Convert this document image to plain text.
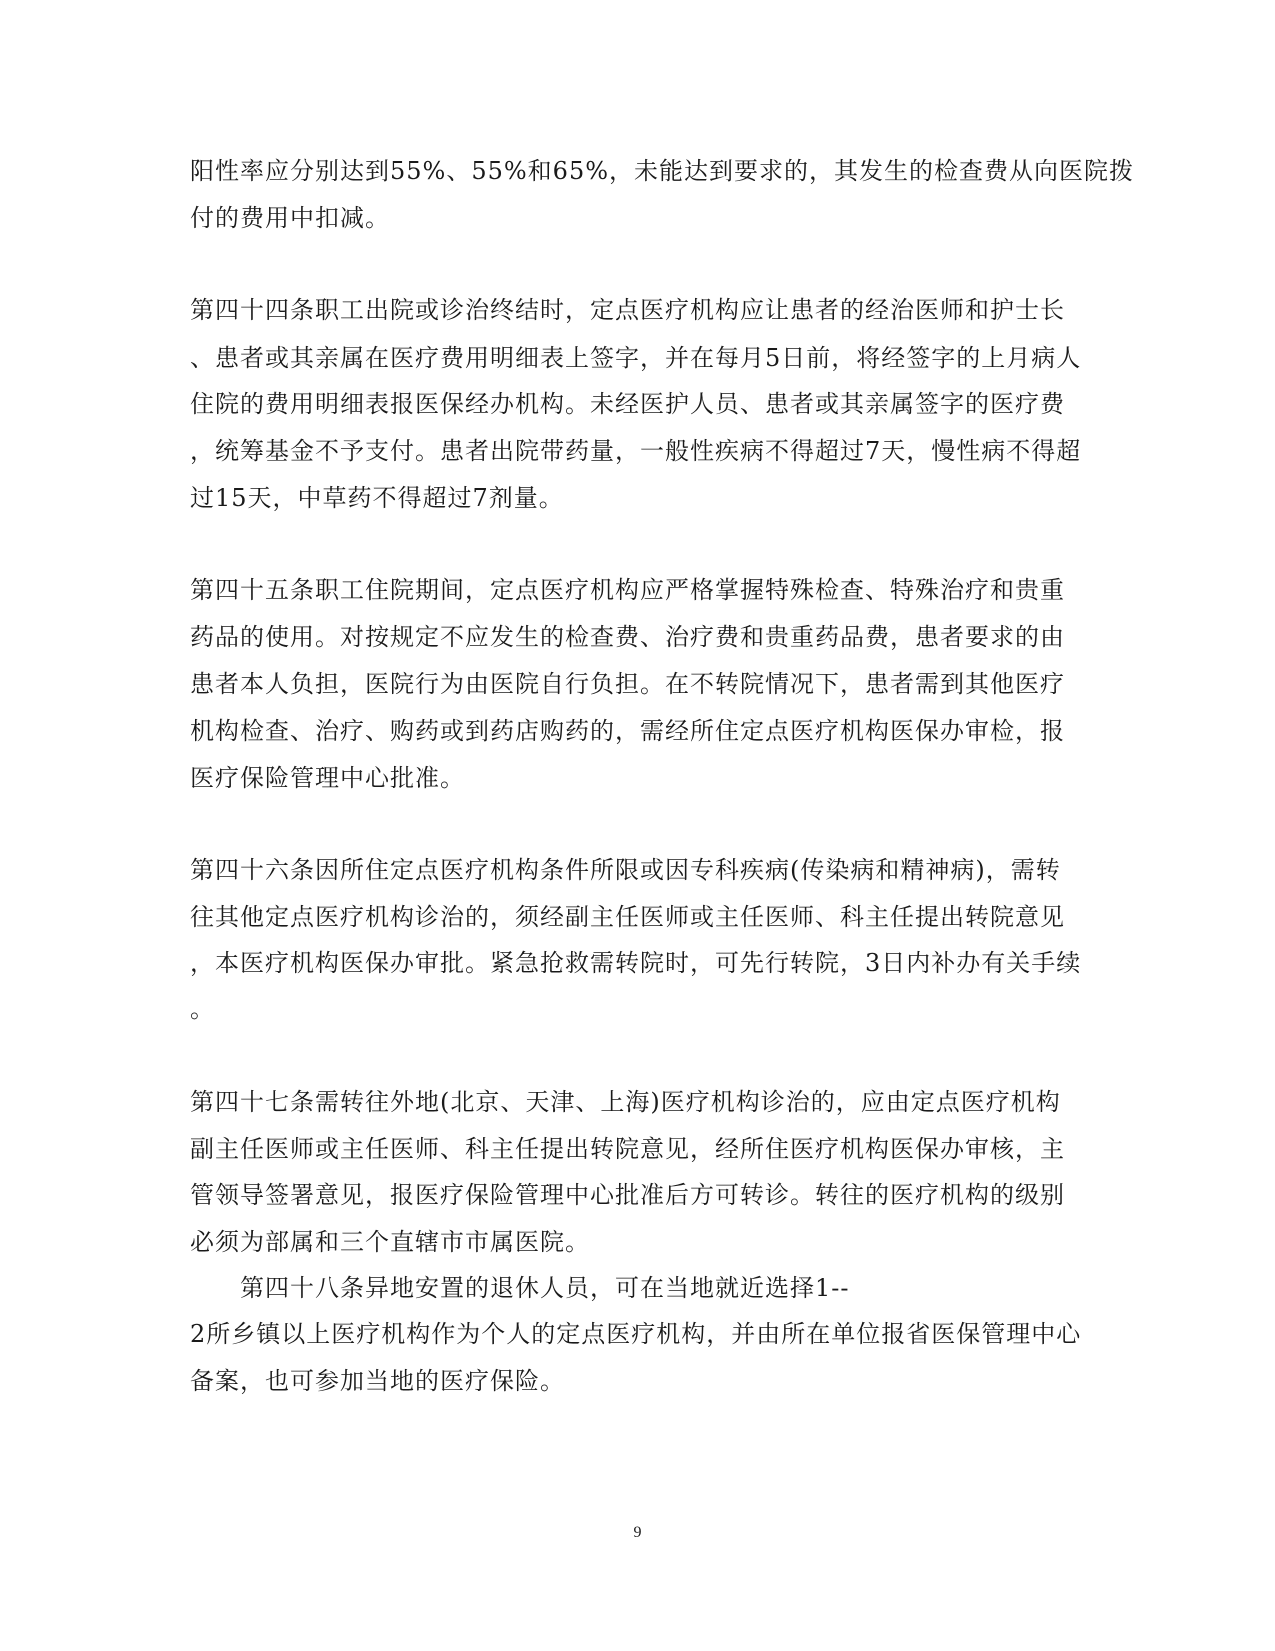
阳性率应分别达到55%、55%和65%，未能达到要求的，其发生的检查费从向医院拨
付的费用中扣减。
第四十四条职工出院或诊治终结时，定点医疗机构应让患者的经治医师和护士长
、患者或其亲属在医疗费用明细表上签字，并在每月5日前，将经签字的上月病人
住院的费用明细表报医保经办机构。未经医护人员、患者或其亲属签字的医疗费
，统筹基金不予支付。患者出院带药量，一般性疾病不得超过7天，慢性病不得超
过15天，中草药不得超过7剂量。
第四十五条职工住院期间，定点医疗机构应严格掌握特殊检查、特殊治疗和贵重
药品的使用。对按规定不应发生的检查费、治疗费和贵重药品费，患者要求的由
患者本人负担，医院行为由医院自行负担。在不转院情况下，患者需到其他医疗
机构检查、治疗、购药或到药店购药的，需经所住定点医疗机构医保办审检，报
医疗保险管理中心批准。
第四十六条因所住定点医疗机构条件所限或因专科疾病(传染病和精神病)，需转
往其他定点医疗机构诊治的，须经副主任医师或主任医师、科主任提出转院意见
，本医疗机构医保办审批。紧急抢救需转院时，可先行转院，3日内补办有关手续
。
第四十七条需转往外地(北京、天津、上海)医疗机构诊治的，应由定点医疗机构
副主任医师或主任医师、科主任提出转院意见，经所住医疗机构医保办审核，主
管领导签署意见，报医疗保险管理中心批准后方可转诊。转往的医疗机构的级别
必须为部属和三个直辖市市属医院。
第四十八条异地安置的退休人员，可在当地就近选择1--
2所乡镇以上医疗机构作为个人的定点医疗机构，并由所在单位报省医保管理中心
备案，也可参加当地的医疗保险。
9
